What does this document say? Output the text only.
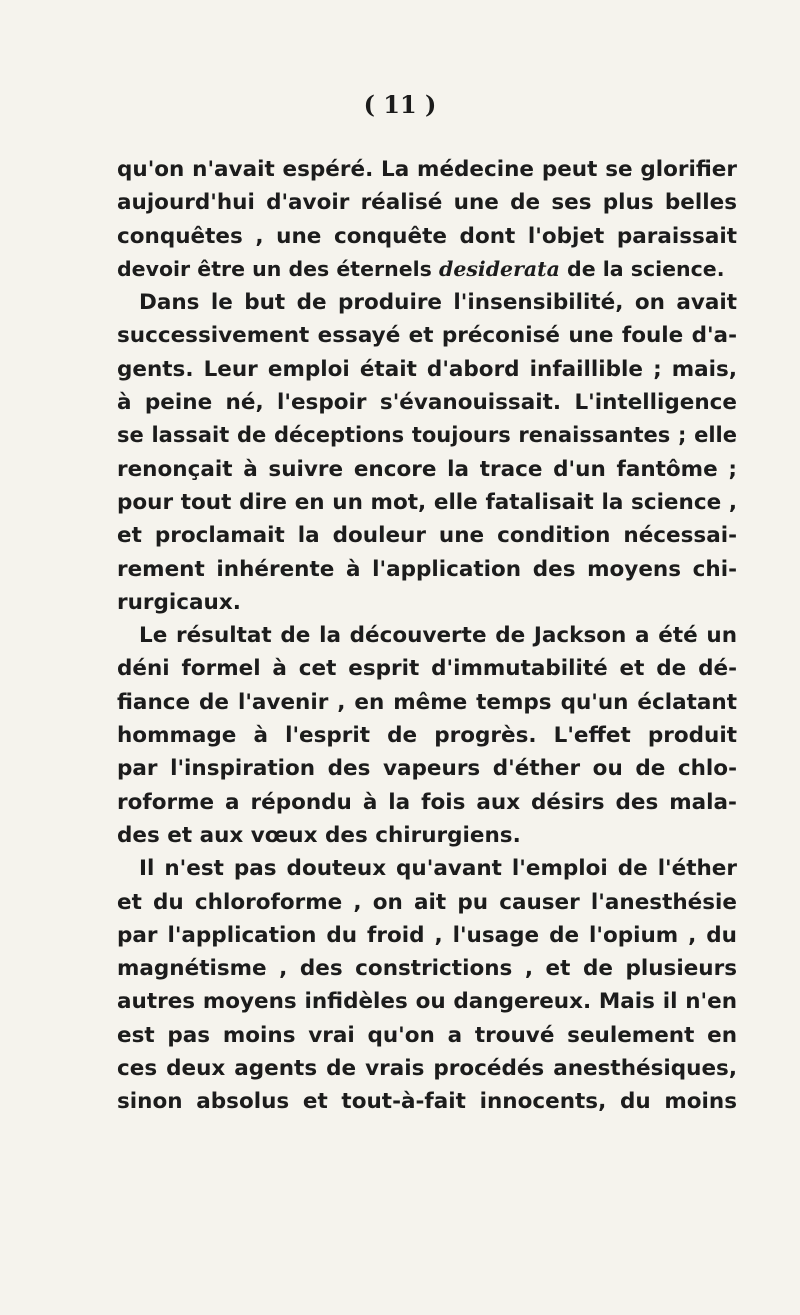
( 11 )
qu'on n'avait espéré. La médecine peut se glorifier
aujourd'hui d'avoir réalisé une de ses plus belles
conquêtes , une conquête dont l'objet paraissait
devoir être un des éternels desiderata de la science.
Dans le but de produire l'insensibilité, on avait
successivement essayé et préconisé une foule d'a-
gents. Leur emploi était d'abord infaillible ; mais,
à peine né, l'espoir s'évanouissait. L'intelligence
se lassait de déceptions toujours renaissantes ; elle
renonçait à suivre encore la trace d'un fantôme ;
pour tout dire en un mot, elle fatalisait la science ,
et proclamait la douleur une condition nécessai-
rement inhérente à l'application des moyens chi-
rurgicaux.
Le résultat de la découverte de Jackson a été un
déni formel à cet esprit d'immutabilité et de dé-
fiance de l'avenir , en même temps qu'un éclatant
hommage à l'esprit de progrès. L'effet produit
par l'inspiration des vapeurs d'éther ou de chlo-
roforme a répondu à la fois aux désirs des mala-
des et aux vœux des chirurgiens.
Il n'est pas douteux qu'avant l'emploi de l'éther
et du chloroforme , on ait pu causer l'anesthésie
par l'application du froid , l'usage de l'opium , du
magnétisme , des constrictions , et de plusieurs
autres moyens infidèles ou dangereux. Mais il n'en
est pas moins vrai qu'on a trouvé seulement en
ces deux agents de vrais procédés anesthésiques,
sinon absolus et tout-à-fait innocents, du moins
